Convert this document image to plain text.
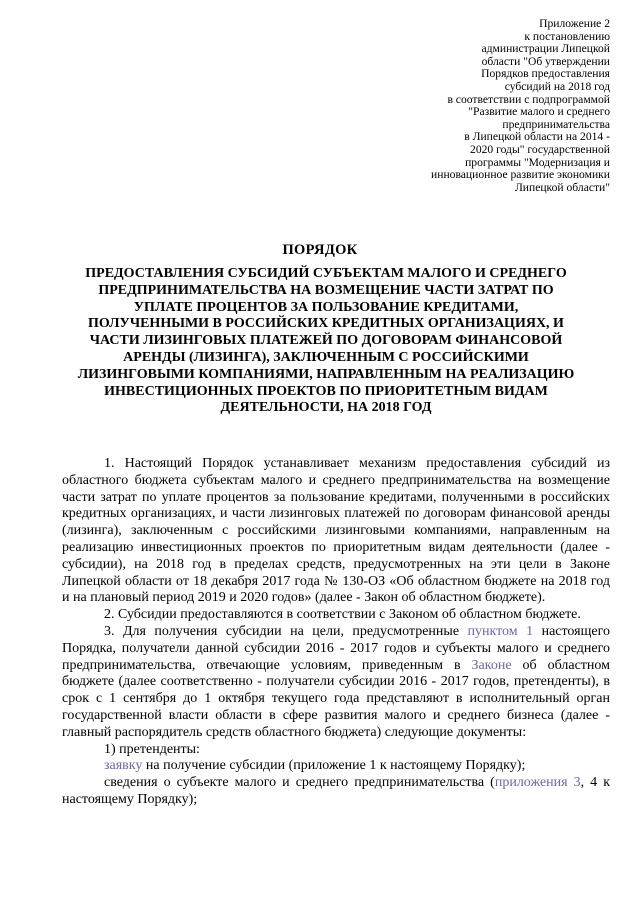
Приложение 2
к постановлению
администрации Липецкой
области "Об утверждении
Порядков предоставления
субсидий на 2018 год
в соответствии с подпрограммой
"Развитие малого и среднего
предпринимательства
в Липецкой области на 2014 -
2020 годы" государственной
программы "Модернизация и
инновационное развитие экономики
Липецкой области"
ПОРЯДОК
ПРЕДОСТАВЛЕНИЯ СУБСИДИЙ СУБЪЕКТАМ МАЛОГО И СРЕДНЕГО
ПРЕДПРИНИМАТЕЛЬСТВА НА ВОЗМЕЩЕНИЕ ЧАСТИ ЗАТРАТ ПО
УПЛАТЕ ПРОЦЕНТОВ ЗА ПОЛЬЗОВАНИЕ КРЕДИТАМИ,
ПОЛУЧЕННЫМИ В РОССИЙСКИХ КРЕДИТНЫХ ОРГАНИЗАЦИЯХ, И
ЧАСТИ ЛИЗИНГОВЫХ ПЛАТЕЖЕЙ ПО ДОГОВОРАМ ФИНАНСОВОЙ
АРЕНДЫ (ЛИЗИНГА), ЗАКЛЮЧЕННЫМ С РОССИЙСКИМИ
ЛИЗИНГОВЫМИ КОМПАНИЯМИ, НАПРАВЛЕННЫМ НА РЕАЛИЗАЦИЮ
ИНВЕСТИЦИОННЫХ ПРОЕКТОВ ПО ПРИОРИТЕТНЫМ ВИДАМ
ДЕЯТЕЛЬНОСТИ, НА 2018 ГОД

1. Настоящий Порядок устанавливает механизм предоставления субсидий из областного бюджета субъектам малого и среднего предпринимательства на возмещение части затрат по уплате процентов за пользование кредитами, полученными в российских кредитных организациях, и части лизинговых платежей по договорам финансовой аренды (лизинга), заключенным с российскими лизинговыми компаниями, направленным на реализацию инвестиционных проектов по приоритетным видам деятельности (далее - субсидии), на 2018 год в пределах средств, предусмотренных на эти цели в Законе Липецкой области от 18 декабря 2017 года № 130-ОЗ «Об областном бюджете на 2018 год и на плановый период 2019 и 2020 годов» (далее - Закон об областном бюджете).

2. Субсидии предоставляются в соответствии с Законом об областном бюджете.

3. Для получения субсидии на цели, предусмотренные пунктом 1 настоящего Порядка, получатели данной субсидии 2016 - 2017 годов и субъекты малого и среднего предпринимательства, отвечающие условиям, приведенным в Законе об областном бюджете (далее соответственно - получатели субсидии 2016 - 2017 годов, претенденты), в срок с 1 сентября до 1 октября текущего года представляют в исполнительный орган государственной власти области в сфере развития малого и среднего бизнеса (далее - главный распорядитель средств областного бюджета) следующие документы:

1) претенденты:

заявку на получение субсидии (приложение 1 к настоящему Порядку);

сведения о субъекте малого и среднего предпринимательства (приложения 3, 4 к настоящему Порядку);
